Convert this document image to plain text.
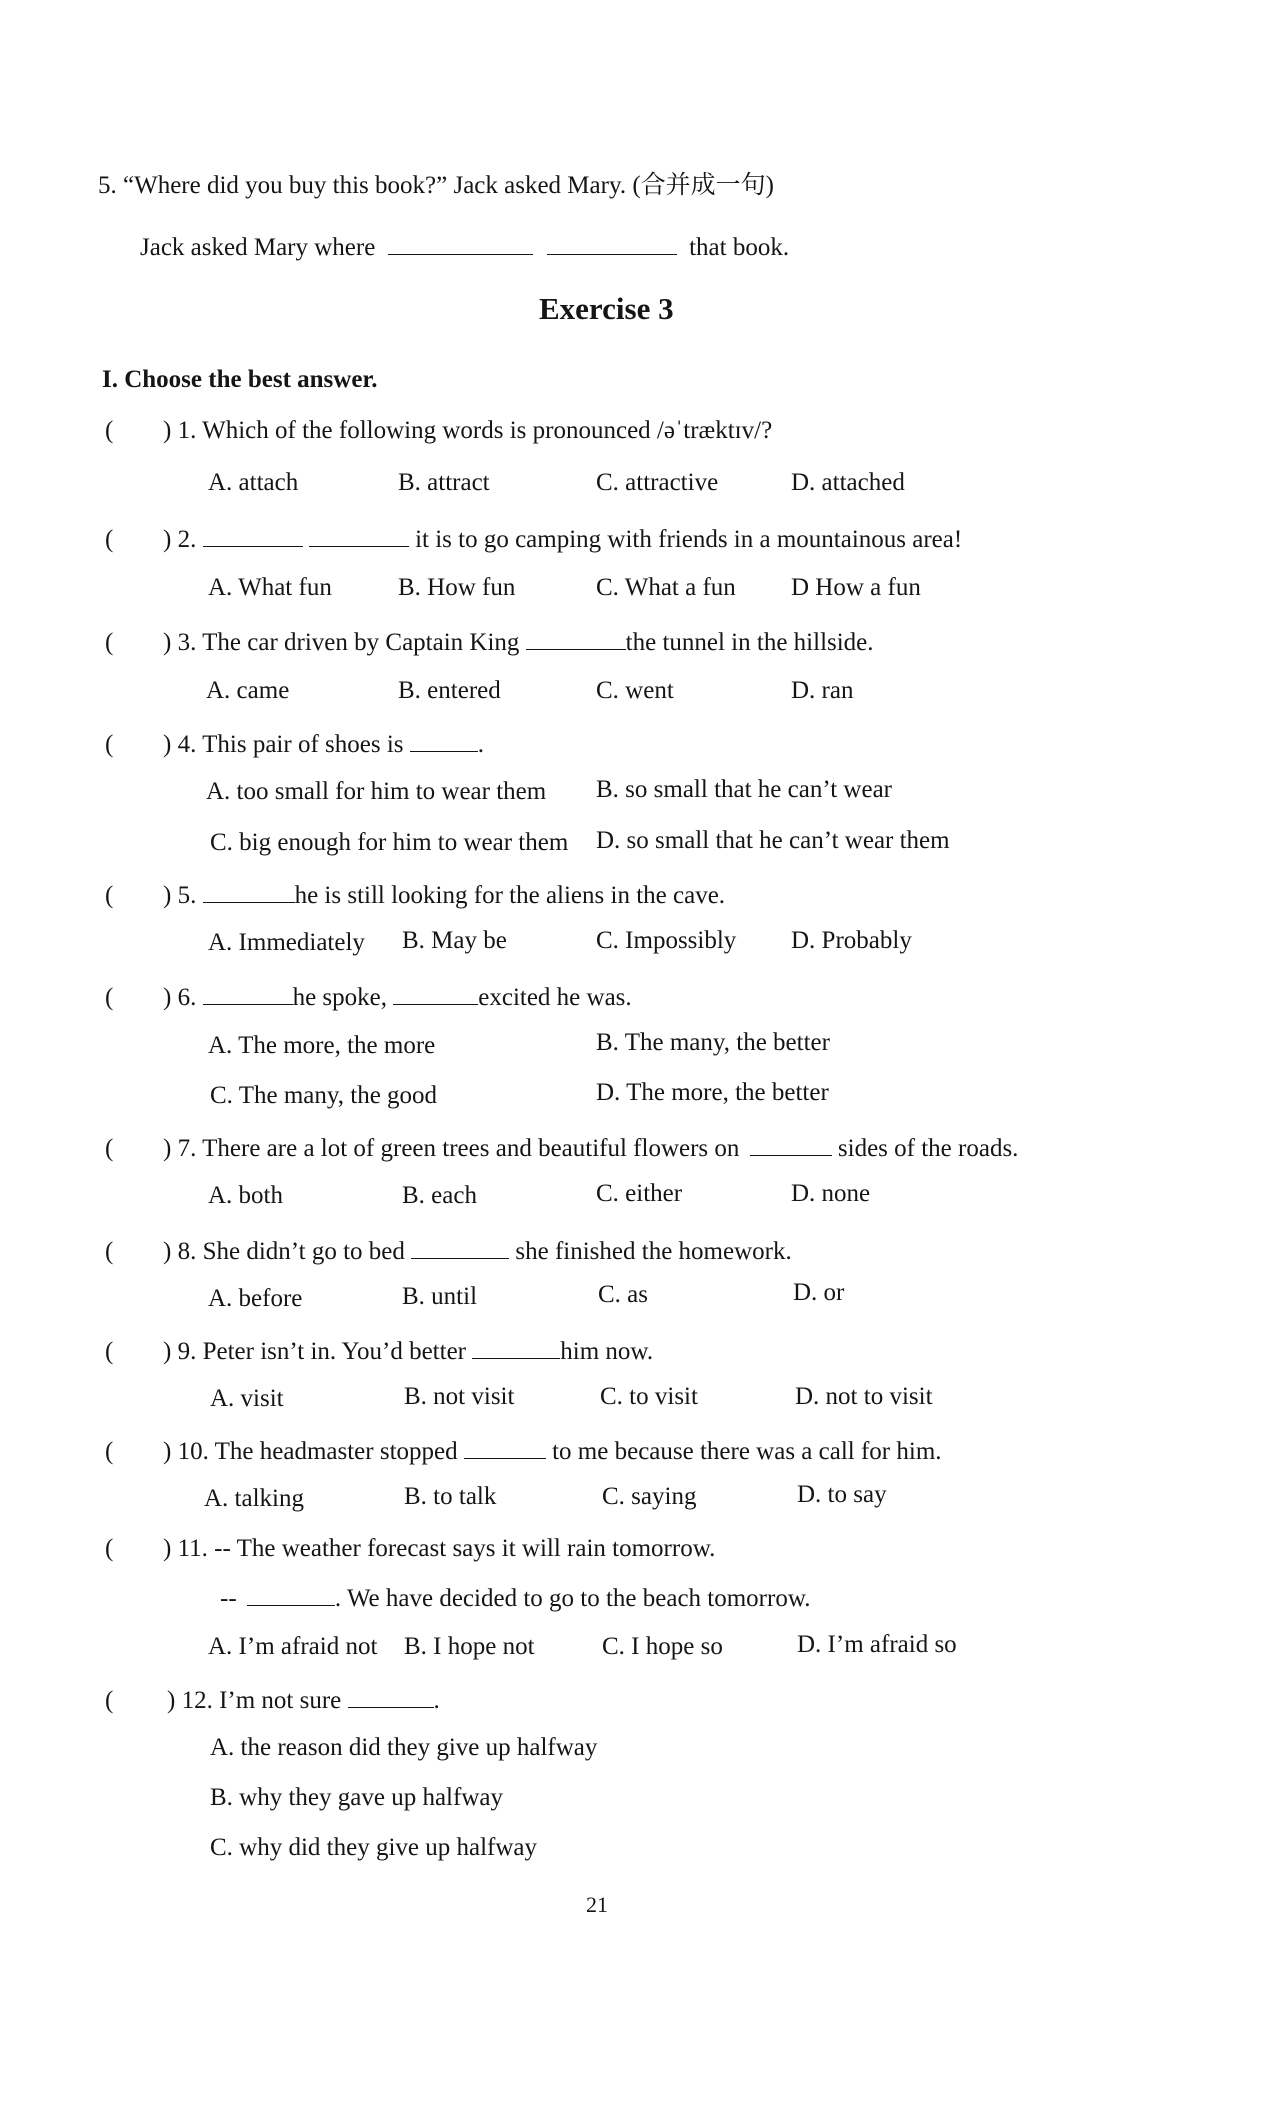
5. “Where did you buy this book?” Jack asked Mary. (合并成一句)
Jack asked Mary where	that book.
Exercise 3
I. Choose the best answer.
( ) 1. Which of the following words is pronounced /əˈtræktɪv/?
A. attach	B. attract	C. attractive	D. attached
( ) 2.	it is to go camping with friends in a mountainous area!
A. What fun	B. How fun	C. What a fun D How a fun
( ) 3. The car driven by Captain King	the tunnel in the hillside.
A. came	B. entered	C. went	D. ran
( ) 4. This pair of shoes is	.
A. too small for him to wear them B. so small that he can’t wear
C. big enough for him to wear them D. so small that he can’t wear them
( ) 5.	he is still looking for the aliens in the cave.
A. Immediately B. May be	C. Impossibly D. Probably
( ) 6.	he spoke,	excited he was.
A. The more, the more	B. The many, the better
C. The many, the good	D. The more, the better
( ) 7. There are a lot of green trees and beautiful flowers on	sides of the roads.
A. both	B. each	C. either	D. none
( ) 8. She didn’t go to bed	she finished the homework.
A. before	B. until	C. as	D. or
( ) 9. Peter isn’t in. You’d better	him now.
A. visit	B. not visit	C. to visit	D. not to visit
( ) 10. The headmaster stopped	to me because there was a call for him.
A. talking	B. to talk	C. saying	D. to say
( ) 11. -- The weather forecast says it will rain tomorrow.
--	. We have decided to go to the beach tomorrow.
A. I’m afraid not B. I hope not	C. I hope so	D. I’m afraid so
( ) 12. I’m not sure	.
A. the reason did they give up halfway
B. why they gave up halfway
C. why did they give up halfway
21
